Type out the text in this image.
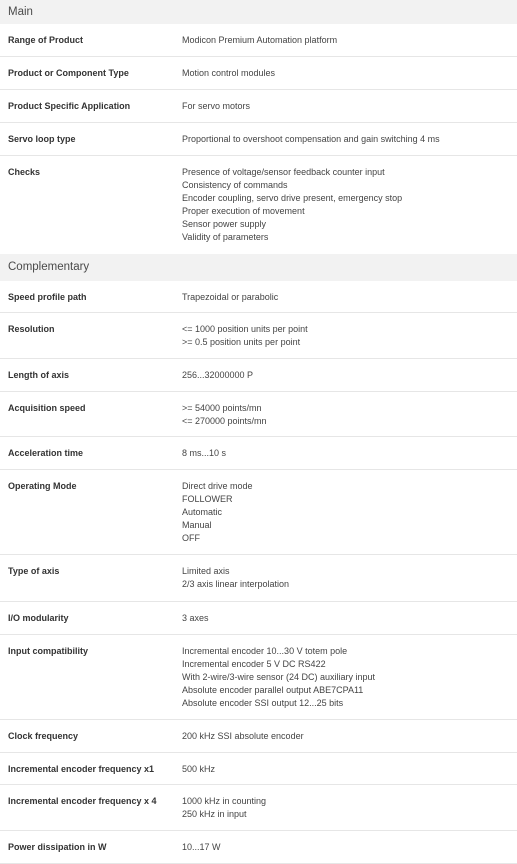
Main
Range of Product	Modicon Premium Automation platform
Product or Component Type	Motion control modules
Product Specific Application	For servo motors
Servo loop type	Proportional to overshoot compensation and gain switching 4 ms
Checks	Presence of voltage/sensor feedback counter input
Consistency of commands
Encoder coupling, servo drive present, emergency stop
Proper execution of movement
Sensor power supply
Validity of parameters
Complementary
Speed profile path	Trapezoidal or parabolic
Resolution	<= 1000 position units per point
>= 0.5 position units per point
Length of axis	256...32000000 P
Acquisition speed	>= 54000 points/mn
<= 270000 points/mn
Acceleration time	8 ms...10 s
Operating Mode	Direct drive mode
FOLLOWER
Automatic
Manual
OFF
Type of axis	Limited axis
2/3 axis linear interpolation
I/O modularity	3 axes
Input compatibility	Incremental encoder 10...30 V totem pole
Incremental encoder 5 V DC RS422
With 2-wire/3-wire sensor (24 DC) auxiliary input
Absolute encoder parallel output ABE7CPA11
Absolute encoder SSI output 12...25 bits
Clock frequency	200 kHz SSI absolute encoder
Incremental encoder frequency x1	500 kHz
Incremental encoder frequency x 4	1000 kHz in counting
250 kHz in input
Power dissipation in W	10...17 W
